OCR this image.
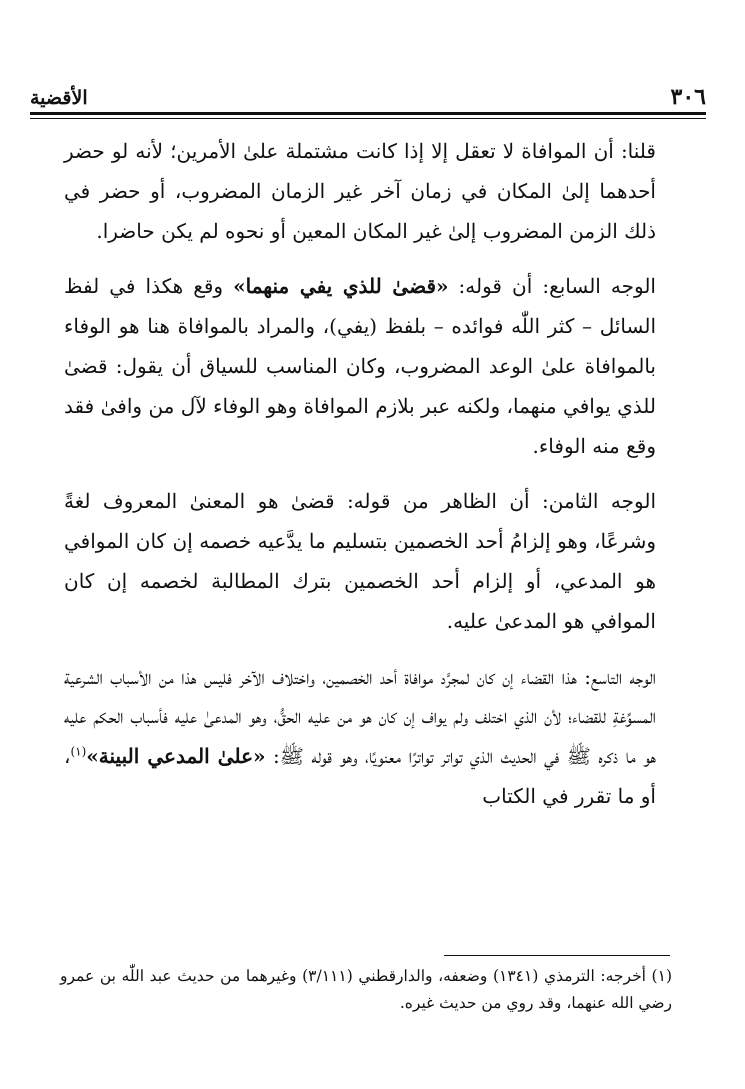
٣٠٦
الأقضية

قلنا: أن الموافاة لا تعقل إلا إذا كانت مشتملة علىٰ الأمرين؛ لأنه لو حضر أحدهما إلىٰ المكان في زمان آخر غير الزمان المضروب، أو حضر في ذلك الزمن المضروب إلىٰ غير المكان المعين أو نحوه لم يكن حاضرا.

الوجه السابع: أن قوله: «قضىٰ للذي يفي منهما» وقع هكذا في لفظ السائل – كثر اللّٰه فوائده – بلفظ (يفي)، والمراد بالموافاة هنا هو الوفاء بالموافاة علىٰ الوعد المضروب، وكان المناسب للسياق أن يقول: قضىٰ للذي يوافي منهما، ولكنه عبر بلازم الموافاة وهو الوفاء لآل من وافىٰ فقد وقع منه الوفاء.

الوجه الثامن: أن الظاهر من قوله: قضىٰ هو المعنىٰ المعروف لغةً وشرعًا، وهو إلزامُ أحد الخصمين بتسليم ما يدَّعيه خصمه إن كان الموافي هو المدعي، أو إلزام أحد الخصمين بترك المطالبة لخصمه إن كان الموافي هو المدعىٰ عليه.

الوجه التاسع: هذا القضاء إن كان لمجرَّد موافاة أحد الخصمين، واختلاف الآخر فليس هذا من الأسباب الشرعية المسوِّغةِ للقضاء؛ لأن الذي اختلف ولم يواف إن كان هو من عليه الحقُّ، وهو المدعىٰ عليه فأسباب الحكم عليه هو ما ذكره ﷺ في الحديث الذي تواتر تواترًا معنويًا، وهو قوله ﷺ: «علىٰ المدعي البينة»$^{(١)}$، أو ما تقرر في الكتاب

(١) أخرجه: الترمذي (١٣٤١) وضعفه، والدارقطني (٣/١١١) وغيرهما من حديث عبد اللّٰه بن عمرو رضي الله عنهما، وقد روي من حديث غيره.
